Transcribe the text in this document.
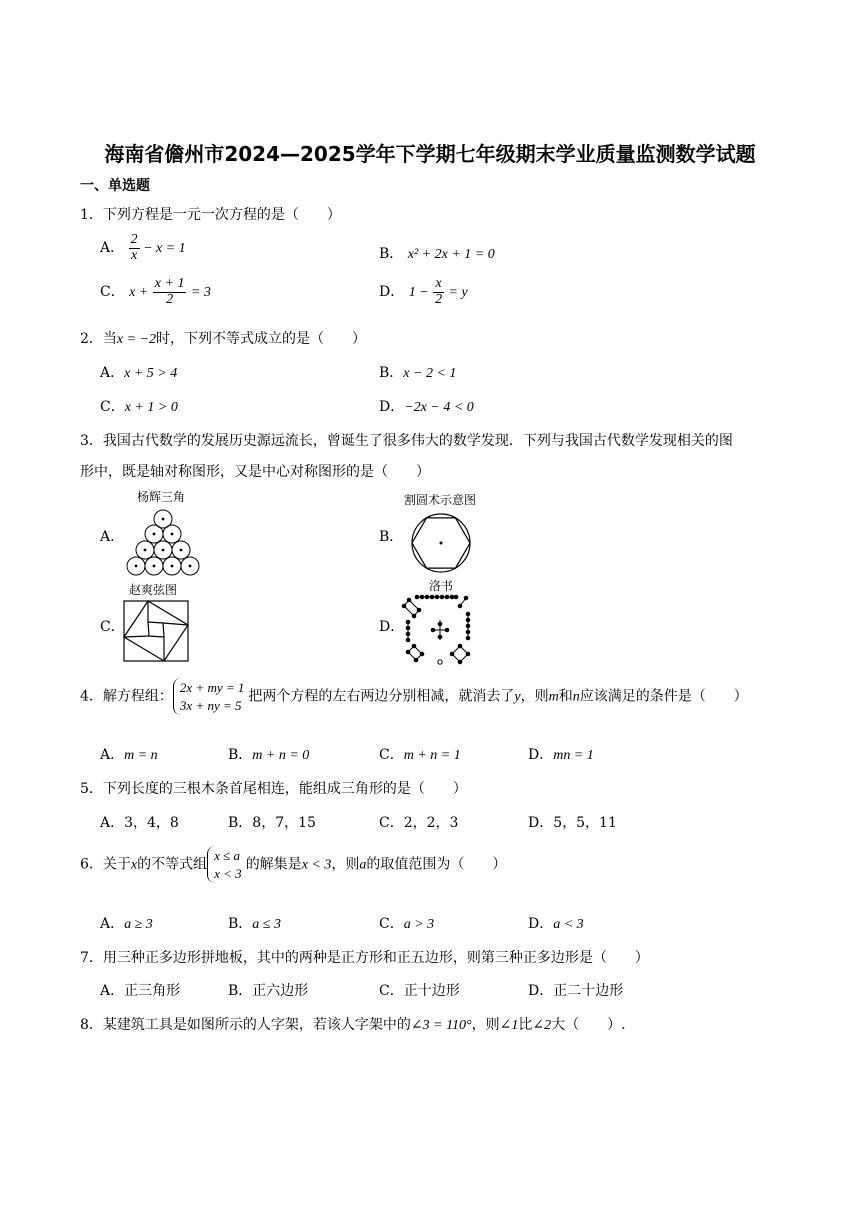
海南省儋州市2024—2025学年下学期七年级期末学业质量监测数学试题
一、单选题
1．下列方程是一元一次方程的是（　　）
A． $\frac{2}{x} - x = 1$	B． x² + 2x + 1 = 0
C． $x + \frac{x + 1}{2} = 3$	D． $1 - \frac{x}{2} = y$
2．当x = −2时，下列不等式成立的是（　　）
A．x + 5 > 4	B．x − 2 < 1
C．x + 1 > 0	D．−2x − 4 < 0
3．我国古代数学的发展历史源远流长，曾诞生了很多伟大的数学发现．下列与我国古代数学发现相关的图
形中，既是轴对称图形，又是中心对称图形的是（　　）
A．
杨辉三角
B．
割圆术示意图
C．
赵爽弦图
D．
洛书
4．解方程组：
2x + my = 1
3x + ny = 5
把两个方程的左右两边分别相减，就消去了y，则m和n应该满足的条件是（　　）
A．m = n	B．m + n = 0	C．m + n = 1	D．mn = 1
5．下列长度的三根木条首尾相连，能组成三角形的是（　　）
A．3，4，8	B．8，7，15	C．2，2，3	D．5，5，11
6．关于x的不等式组
x ≤ a
x < 3
的解集是x < 3，则a的取值范围为（　　）
A．a ≥ 3	B．a ≤ 3	C．a > 3	D．a < 3
7．用三种正多边形拼地板，其中的两种是正方形和正五边形，则第三种正多边形是（　　）
A．正三角形	B．正六边形	C．正十边形	D．正二十边形
8．某建筑工具是如图所示的人字架，若该人字架中的∠3 = 110°，则∠1比∠2大（　　）.
